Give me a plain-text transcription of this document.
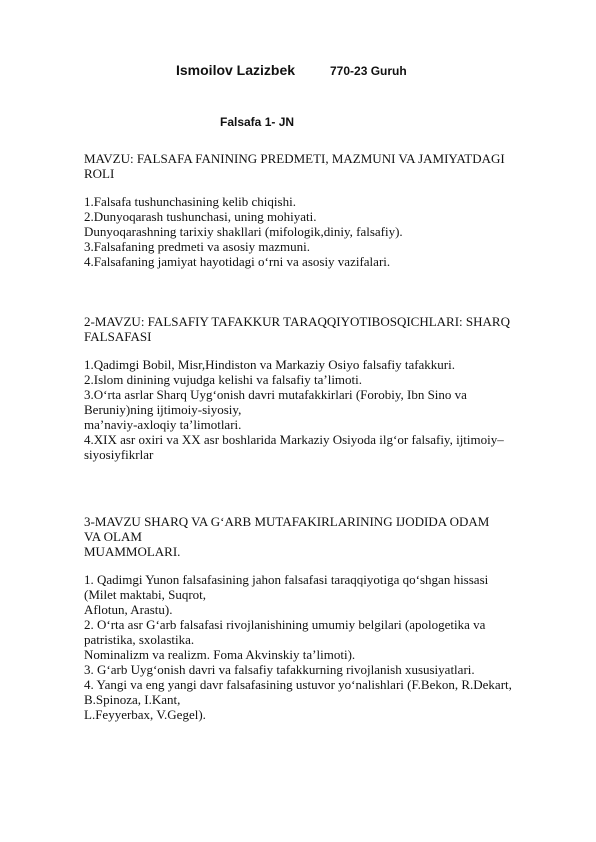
Ismoilov Lazizbek	770-23 Guruh
Falsafa 1- JN
MAVZU: FALSAFA FANINING PREDMETI, MAZMUNI VA JAMIYATDAGI
ROLI
1.Falsafa tushunchasining kelib chiqishi.
2.Dunyoqarash tushunchasi, uning mohiyati.
Dunyoqarashning tarixiy shakllari (mifologik,diniy, falsafiy).
3.Falsafaning predmeti va asosiy mazmuni.
4.Falsafaning jamiyat hayotidagi o‘rni va asosiy vazifalari.
2-MAVZU: FALSAFIY TAFAKKUR TARAQQIYOTIBOSQICHLARI: SHARQ
FALSAFASI
1.Qadimgi Bobil, Misr,Hindiston va Markaziy Osiyo falsafiy tafakkuri.
2.Islom dinining vujudga kelishi va falsafiy ta’limoti.
3.O‘rta asrlar Sharq Uyg‘onish davri mutafakkirlari (Forobiy, Ibn Sino va
Beruniy)ning ijtimoiy-siyosiy,
ma’naviy-axloqiy ta’limotlari.
4.XIX asr oxiri va XX asr boshlarida Markaziy Osiyoda ilg‘or falsafiy, ijtimoiy–
siyosiyfikrlar
3-MAVZU SHARQ VA G‘ARB MUTAFAKIRLARINING IJODIDA ODAM
VA OLAM
MUAMMOLARI.
1. Qadimgi Yunon falsafasining jahon falsafasi taraqqiyotiga qo‘shgan hissasi
(Milet maktabi, Suqrot,
Aflotun, Arastu).
2. O‘rta asr G‘arb falsafasi rivojlanishining umumiy belgilari (apologetika va
patristika, sxolastika.
Nominalizm va realizm. Foma Akvinskiy ta’limoti).
3. G‘arb Uyg‘onish davri va falsafiy tafakkurning rivojlanish xususiyatlari.
4. Yangi va eng yangi davr falsafasining ustuvor yo‘nalishlari (F.Bekon, R.Dekart,
B.Spinoza, I.Kant,
L.Feyyerbax, V.Gegel).
